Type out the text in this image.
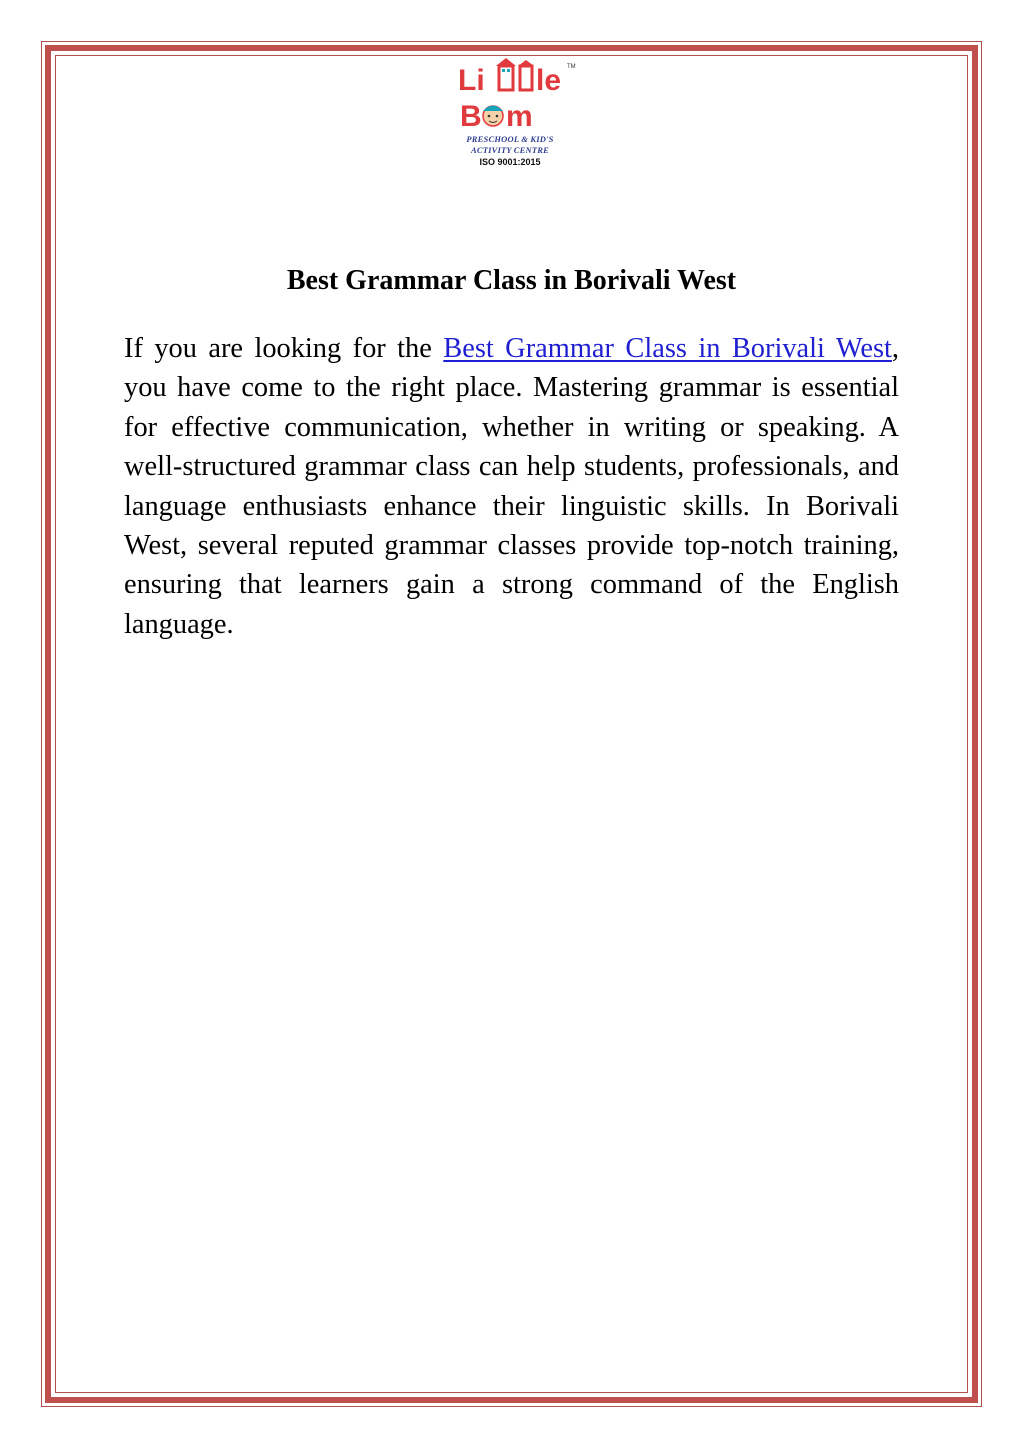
Li le TM
B m
PRESCHOOL & KID'S
ACTIVITY CENTRE
ISO 9001:2015
Best Grammar Class in Borivali West

If you are looking for the Best Grammar Class in Borivali West, you have come to the right place. Mastering grammar is essential for effective communication, whether in writing or speaking. A well-structured grammar class can help students, professionals, and language enthusiasts enhance their linguistic skills. In Borivali West, several reputed grammar classes provide top-notch training, ensuring that learners gain a strong command of the English language.
